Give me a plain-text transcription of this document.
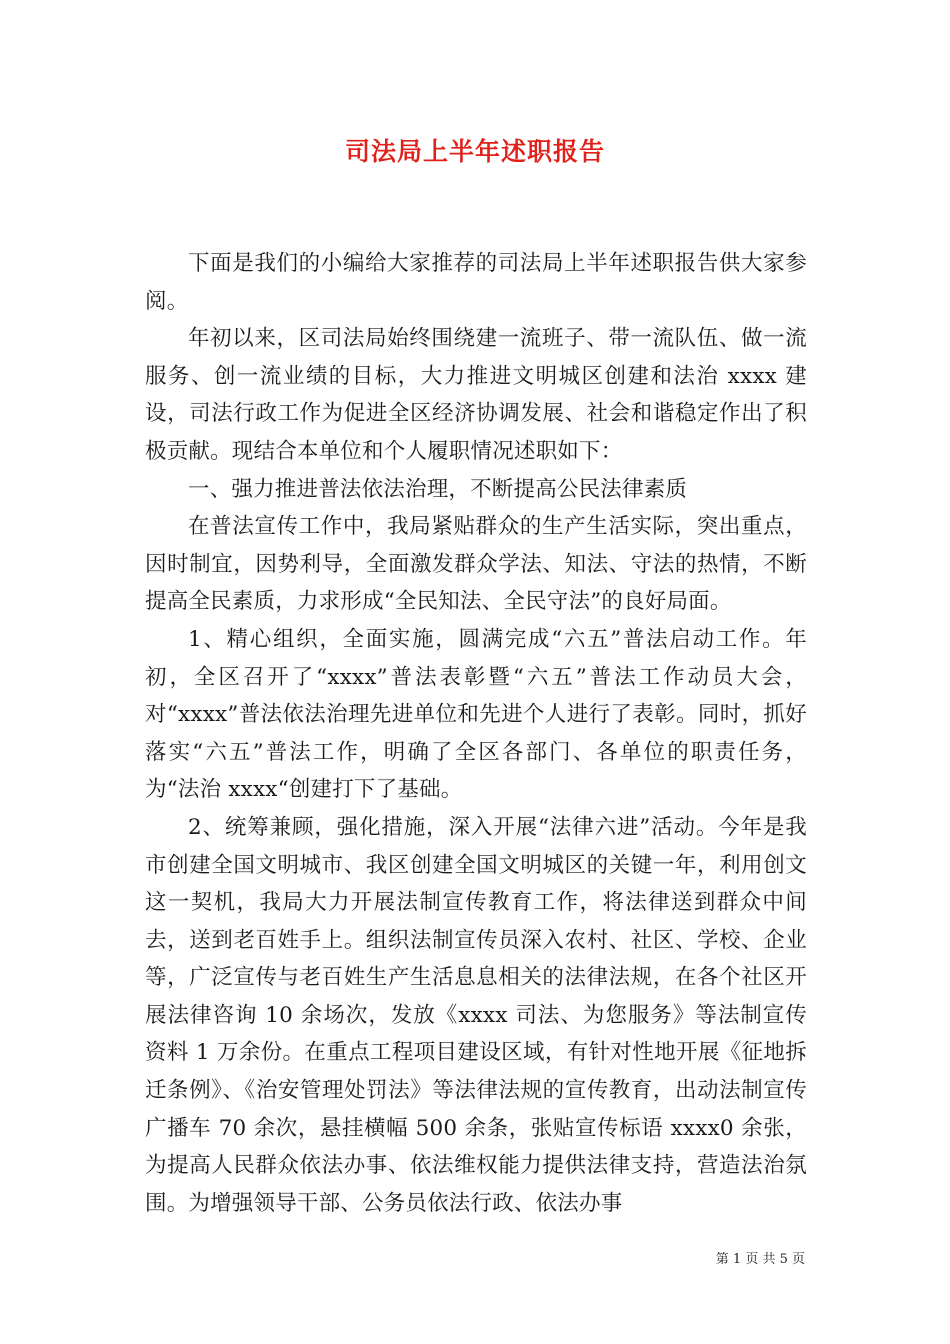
司法局上半年述职报告

下面是我们的小编给大家推荐的司法局上半年述职报告供大家参阅。

年初以来，区司法局始终围绕建一流班子、带一流队伍、做一流服务、创一流业绩的目标，大力推进文明城区创建和法治 xxxx 建设，司法行政工作为促进全区经济协调发展、社会和谐稳定作出了积极贡献。现结合本单位和个人履职情况述职如下：

一、强力推进普法依法治理，不断提高公民法律素质

在普法宣传工作中，我局紧贴群众的生产生活实际，突出重点，因时制宜，因势利导，全面激发群众学法、知法、守法的热情，不断提高全民素质，力求形成“全民知法、全民守法”的良好局面。

1、精心组织，全面实施，圆满完成“六五”普法启动工作。年初，全区召开了“xxxx”普法表彰暨“六五”普法工作动员大会，对“xxxx”普法依法治理先进单位和先进个人进行了表彰。同时，抓好落实“六五”普法工作，明确了全区各部门、各单位的职责任务，为“法治 xxxx“创建打下了基础。

2、统筹兼顾，强化措施，深入开展“法律六进”活动。今年是我市创建全国文明城市、我区创建全国文明城区的关键一年，利用创文这一契机，我局大力开展法制宣传教育工作，将法律送到群众中间去，送到老百姓手上。组织法制宣传员深入农村、社区、学校、企业等，广泛宣传与老百姓生产生活息息相关的法律法规，在各个社区开展法律咨询 10 余场次，发放《xxxx 司法、为您服务》等法制宣传资料 1 万余份。在重点工程项目建设区域，有针对性地开展《征地拆迁条例》、《治安管理处罚法》等法律法规的宣传教育，出动法制宣传广播车 70 余次，悬挂横幅 500 余条，张贴宣传标语 xxxx0 余张，为提高人民群众依法办事、依法维权能力提供法律支持，营造法治氛围。为增强领导干部、公务员依法行政、依法办事

第 1 页 共 5 页
